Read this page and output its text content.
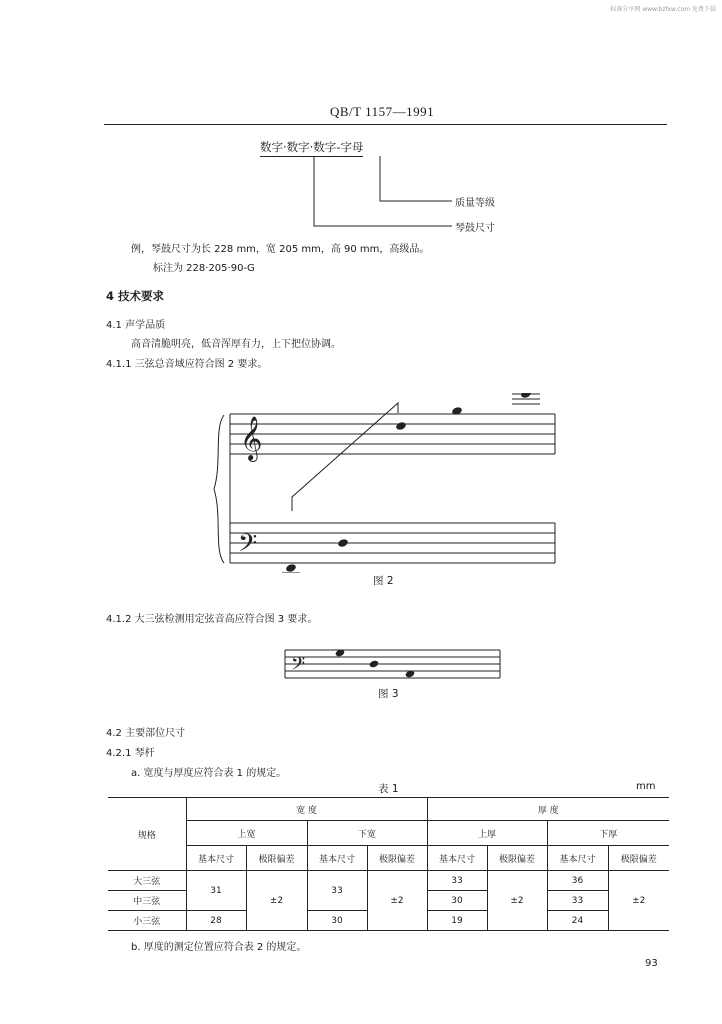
标准分享网 www.bzfxw.com 免费下载
QB/T 1157—1991
数字·数字·数字-字母
质量等级
琴鼓尺寸
例，琴鼓尺寸为长 228 mm，宽 205 mm，高 90 mm，高级品。
标注为 228·205·90-G
4 技术要求
4.1 声学品质
高音清脆明亮，低音浑厚有力，上下把位协调。
4.1.1 三弦总音域应符合图 2 要求。
𝄞
𝄢
图 2
4.1.2 大三弦检测用定弦音高应符合图 3 要求。
𝄢
图 3
4.2 主要部位尺寸
4.2.1 琴杆
a. 宽度与厚度应符合表 1 的规定。
表 1	mm
规格	宽 度				厚 度			
	上宽		下宽		上厚		下厚	
	基本尺寸	极限偏差	基本尺寸	极限偏差	基本尺寸	极限偏差	基本尺寸	极限偏差
大三弦	31	±2	33	±2	33	±2	36	±2
中三弦					30		33	
小三弦	28		30		19		24	
b. 厚度的测定位置应符合表 2 的规定。
93
